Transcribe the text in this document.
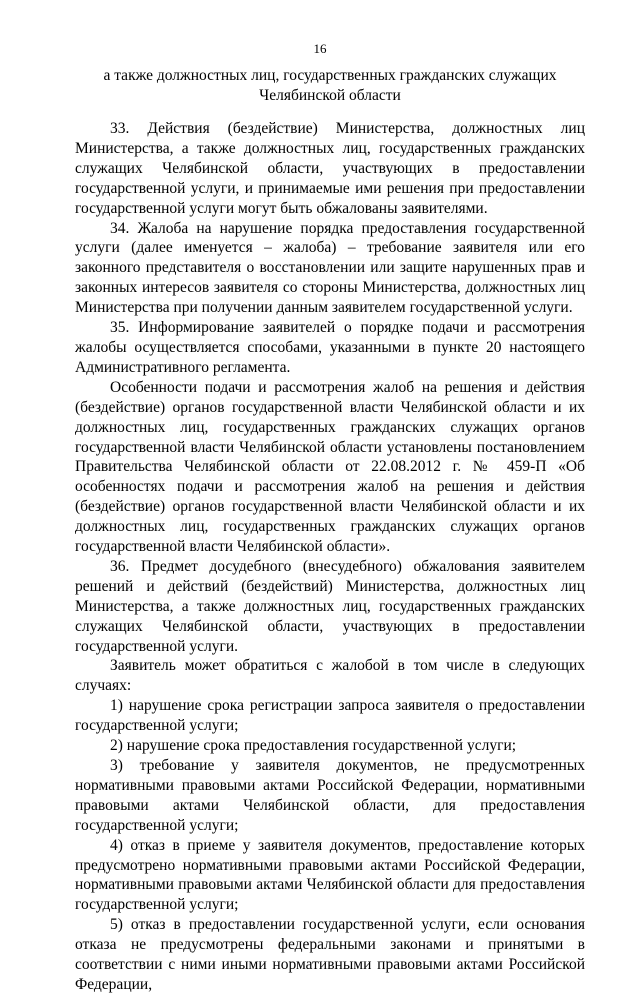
16
а также должностных лиц, государственных гражданских служащих
Челябинской области

33. Действия (бездействие) Министерства, должностных лиц Министерства, а также должностных лиц, государственных гражданских служащих Челябинской области, участвующих в предоставлении государственной услуги, и принимаемые ими решения при предоставлении государственной услуги могут быть обжалованы заявителями.

34. Жалоба на нарушение порядка предоставления государственной услуги (далее именуется – жалоба) – требование заявителя или его законного представителя о восстановлении или защите нарушенных прав и законных интересов заявителя со стороны Министерства, должностных лиц Министерства при получении данным заявителем государственной услуги.

35. Информирование заявителей о порядке подачи и рассмотрения жалобы осуществляется способами, указанными в пункте 20 настоящего Административного регламента.

Особенности подачи и рассмотрения жалоб на решения и действия (бездействие) органов государственной власти Челябинской области и их должностных лиц, государственных гражданских служащих органов государственной власти Челябинской области установлены постановлением Правительства Челябинской области от 22.08.2012 г. № 459-П «Об особенностях подачи и рассмотрения жалоб на решения и действия (бездействие) органов государственной власти Челябинской области и их должностных лиц, государственных гражданских служащих органов государственной власти Челябинской области».

36. Предмет досудебного (внесудебного) обжалования заявителем решений и действий (бездействий) Министерства, должностных лиц Министерства, а также должностных лиц, государственных гражданских служащих Челябинской области, участвующих в предоставлении государственной услуги.

Заявитель может обратиться с жалобой в том числе в следующих случаях:

1) нарушение срока регистрации запроса заявителя о предоставлении государственной услуги;

2) нарушение срока предоставления государственной услуги;

3) требование у заявителя документов, не предусмотренных нормативными правовыми актами Российской Федерации, нормативными правовыми актами Челябинской области, для предоставления государственной услуги;

4) отказ в приеме у заявителя документов, предоставление которых предусмотрено нормативными правовыми актами Российской Федерации, нормативными правовыми актами Челябинской области для предоставления государственной услуги;

5) отказ в предоставлении государственной услуги, если основания отказа не предусмотрены федеральными законами и принятыми в соответствии с ними иными нормативными правовыми актами Российской Федерации,
